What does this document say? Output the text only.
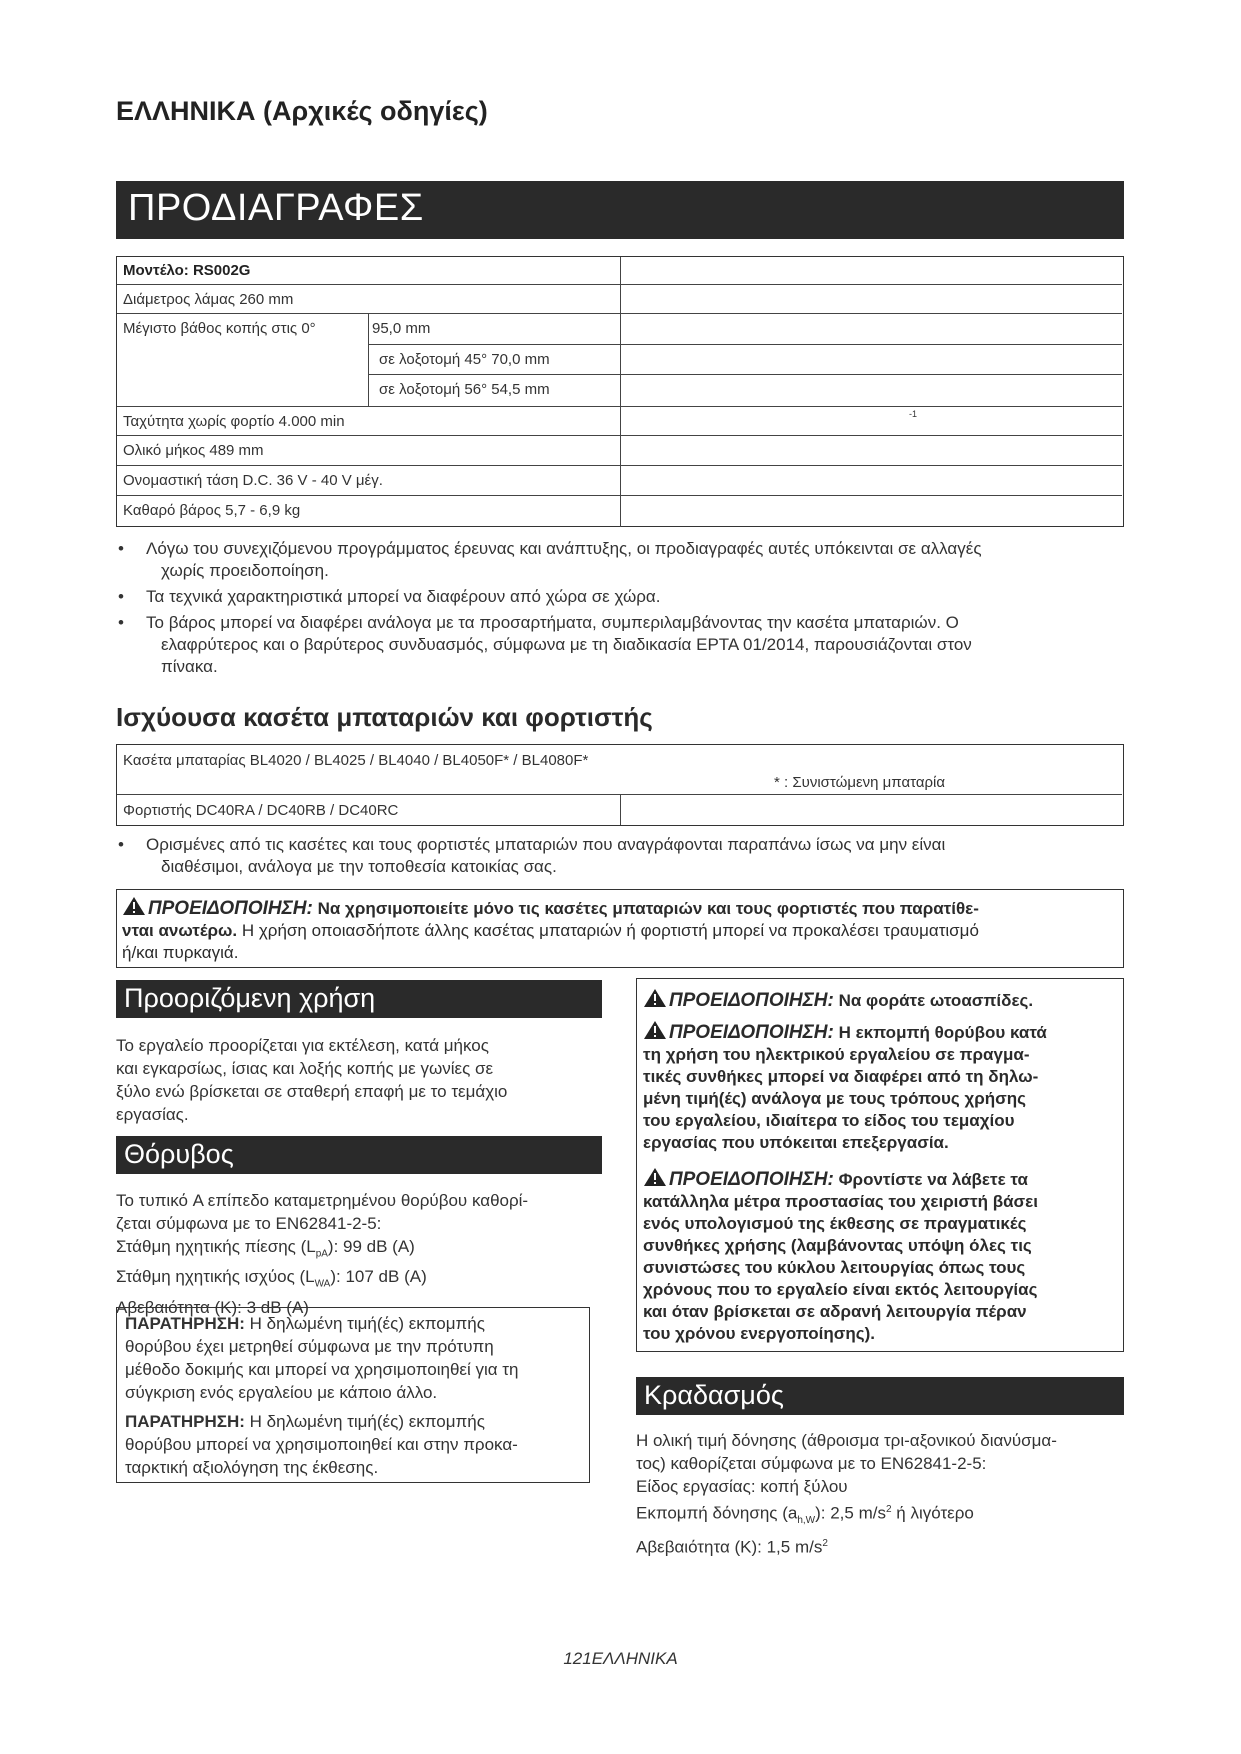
ΕΛΛΗΝΙΚΑ (Αρχικές οδηγίες)
ΠΡΟΔΙΑΓΡΑΦΕΣ
Μοντέλο: RS002G
Διάμετρος λάμας 260 mm
Μέγιστο βάθος κοπής στις 0°	95,0 mm
σε λοξοτομή 45° 70,0 mm
σε λοξοτομή 56° 54,5 mm
Ταχύτητα χωρίς φορτίο 4.000 min	-1
Ολικό μήκος 489 mm
Ονομαστική τάση D.C. 36 V - 40 V μέγ.
Καθαρό βάρος 5,7 - 6,9 kg
• Λόγω του συνεχιζόμενου προγράμματος έρευνας και ανάπτυξης, οι προδιαγραφές αυτές υπόκεινται σε αλλαγές
χωρίς προειδοποίηση.
• Τα τεχνικά χαρακτηριστικά μπορεί να διαφέρουν από χώρα σε χώρα.
• Το βάρος μπορεί να διαφέρει ανάλογα με τα προσαρτήματα, συμπεριλαμβάνοντας την κασέτα μπαταριών. Ο
ελαφρύτερος και ο βαρύτερος συνδυασμός, σύμφωνα με τη διαδικασία EPTA 01/2014, παρουσιάζονται στον
πίνακα.
Ισχύουσα κασέτα μπαταριών και φορτιστής
Κασέτα μπαταρίας BL4020 / BL4025 / BL4040 / BL4050F* / BL4080F*
* : Συνιστώμενη μπαταρία
Φορτιστής DC40RA / DC40RB / DC40RC
• Ορισμένες από τις κασέτες και τους φορτιστές μπαταριών που αναγράφονται παραπάνω ίσως να μην είναι
διαθέσιμοι, ανάλογα με την τοποθεσία κατοικίας σας.
ΠΡΟΕΙΔΟΠΟΙΗΣΗ: Να χρησιμοποιείτε μόνο τις κασέτες μπαταριών και τους φορτιστές που παρατίθε-
νται ανωτέρω. Η χρήση οποιασδήποτε άλλης κασέτας μπαταριών ή φορτιστή μπορεί να προκαλέσει τραυματισμό
ή/και πυρκαγιά.
Προοριζόμενη χρήση
Το εργαλείο προορίζεται για εκτέλεση, κατά μήκος
και εγκαρσίως, ίσιας και λοξής κοπής με γωνίες σε
ξύλο ενώ βρίσκεται σε σταθερή επαφή με το τεμάχιο
εργασίας.
Θόρυβος
Το τυπικό A επίπεδο καταμετρημένου θορύβου καθορί-
ζεται σύμφωνα με το EN62841-2-5:
Στάθμη ηχητικής πίεσης $(L_{pA})$: 99 dB (A)
Στάθμη ηχητικής ισχύος $(L_{WA})$: 107 dB (A)
Αβεβαιότητα (K): 3 dB (A)
ΠΑΡΑΤΗΡΗΣΗ: Η δηλωμένη τιμή(ές) εκπομπής
θορύβου έχει μετρηθεί σύμφωνα με την πρότυπη
μέθοδο δοκιμής και μπορεί να χρησιμοποιηθεί για τη
σύγκριση ενός εργαλείου με κάποιο άλλο.
ΠΑΡΑΤΗΡΗΣΗ: Η δηλωμένη τιμή(ές) εκπομπής
θορύβου μπορεί να χρησιμοποιηθεί και στην προκα-
ταρκτική αξιολόγηση της έκθεσης.
ΠΡΟΕΙΔΟΠΟΙΗΣΗ: Να φοράτε ωτοασπίδες.
ΠΡΟΕΙΔΟΠΟΙΗΣΗ: Η εκπομπή θορύβου κατά
τη χρήση του ηλεκτρικού εργαλείου σε πραγμα-
τικές συνθήκες μπορεί να διαφέρει από τη δηλω-
μένη τιμή(ές) ανάλογα με τους τρόπους χρήσης
του εργαλείου, ιδιαίτερα το είδος του τεμαχίου
εργασίας που υπόκειται επεξεργασία.
ΠΡΟΕΙΔΟΠΟΙΗΣΗ: Φροντίστε να λάβετε τα
κατάλληλα μέτρα προστασίας του χειριστή βάσει
ενός υπολογισμού της έκθεσης σε πραγματικές
συνθήκες χρήσης (λαμβάνοντας υπόψη όλες τις
συνιστώσες του κύκλου λειτουργίας όπως τους
χρόνους που το εργαλείο είναι εκτός λειτουργίας
και όταν βρίσκεται σε αδρανή λειτουργία πέραν
του χρόνου ενεργοποίησης).
Κραδασμός
Η ολική τιμή δόνησης (άθροισμα τρι-αξονικού διανύσμα-
τος) καθορίζεται σύμφωνα με το EN62841-2-5:
Είδος εργασίας: κοπή ξύλου
Εκπομπή δόνησης $(a_{h,W})$: 2,5 $m/s^2$ ή λιγότερο
Αβεβαιότητα (K): 1,5 $m/s^2$
121ΕΛΛΗΝΙΚΑ
